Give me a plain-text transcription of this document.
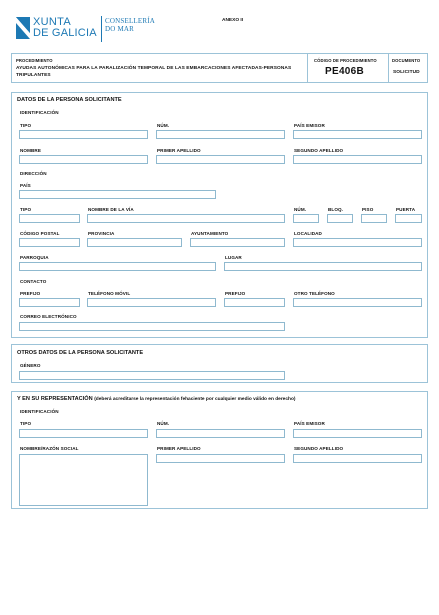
XUNTA
DE GALICIA
CONSELLERÍA
DO MAR
ANEXO II
PROCEDIMIENTO
AYUDAS AUTONÓMICAS PARA LA PARALIZACIÓN TEMPORAL DE LAS EMBARCACIONES AFECTADAS-PERSONAS
TRIPULANTES
CÓDIGO DE PROCEDIMIENTO
PE406B
DOCUMENTO
SOLICITUD
DATOS DE LA PERSONA SOLICITANTE
IDENTIFICACIÓN
TIPO	NÚM.	PAÍS EMISOR
NOMBRE	PRIMER APELLIDO	SEGUNDO APELLIDO
DIRECCIÓN
PAÍS
TIPO	NOMBRE DE LA VÍA	NÚM.	BLOQ.	PISO	PUERTA
CÓDIGO POSTAL	PROVINCIA	AYUNTAMIENTO	LOCALIDAD
PARROQUIA	LUGAR
CONTACTO
PREFIJO	TELÉFONO MÓVIL	PREFIJO	OTRO TELÉFONO
CORREO ELECTRÓNICO
OTROS DATOS DE LA PERSONA SOLICITANTE
GÉNERO
Y EN SU REPRESENTACIÓN (deberá acreditarse la representación fehaciente por cualquier medio válido en derecho)
IDENTIFICACIÓN
TIPO	NÚM.	PAÍS EMISOR
NOMBRE/RAZÓN SOCIAL	PRIMER APELLIDO	SEGUNDO APELLIDO
